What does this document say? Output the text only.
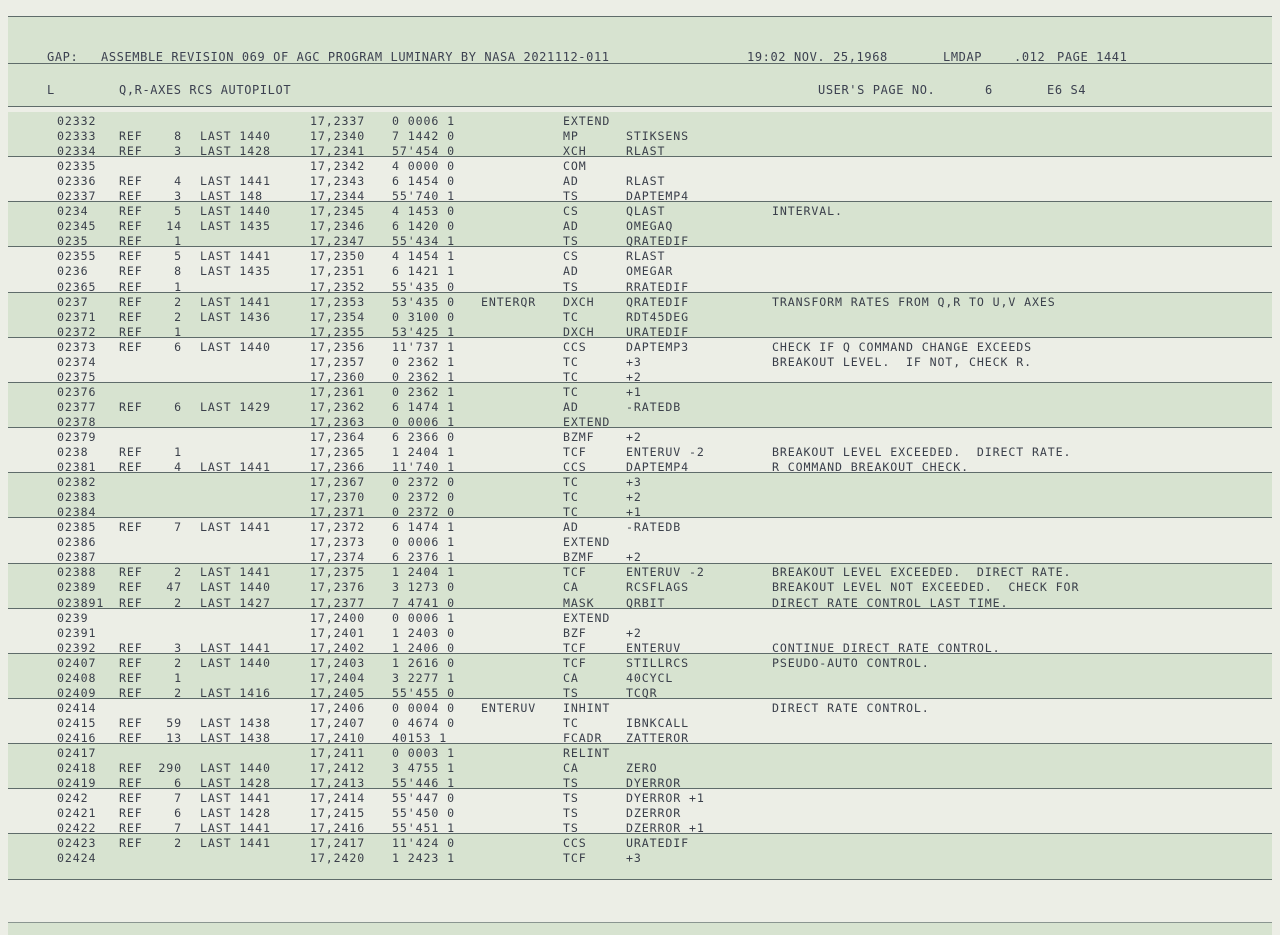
GAP:

ASSEMBLE REVISION 069 OF AGC PROGRAM LUMINARY BY NASA 2021112-011

	19:02 NOV. 25,1968

	LMDAP

	.012

PAGE 1441

L

	Q,R-AXES RCS AUTOPILOT

	USER'S PAGE NO.

	6

	E6 S4

02332	17,2337 0 0006 1	EXTEND
02333 REF	8 LAST 1440	17,2340 7 1442 0	MP	STIKSENS
02334 REF	3 LAST 1428	17,2341 57'454 0	XCH	RLAST
02335	17,2342 4 0000 0	COM
02336 REF	4 LAST 1441	17,2343 6 1454 0	AD	RLAST
02337 REF	3 LAST 148	17,2344 55'740 1	TS	DAPTEMP4
0234	REF	5 LAST 1440	17,2345 4 1453 0	CS	QLAST	INTERVAL.
02345 REF	14 LAST 1435	17,2346 6 1420 0	AD	OMEGAQ
0235	REF	1	17,2347 55'434 1	TS	QRATEDIF
02355 REF	5 LAST 1441	17,2350 4 1454 1	CS	RLAST
0236	REF	8 LAST 1435	17,2351 6 1421 1	AD	OMEGAR
02365 REF	1	17,2352 55'435 0	TS	RRATEDIF
0237	REF	2 LAST 1441	17,2353 53'435 0 ENTERQR DXCH	QRATEDIF	TRANSFORM RATES FROM Q,R TO U,V AXES
02371 REF	2 LAST 1436	17,2354 0 3100 0	TC	RDT45DEG
02372 REF	1	17,2355 53'425 1	DXCH	URATEDIF
02373 REF	6 LAST 1440	17,2356 11'737 1	CCS	DAPTEMP3	CHECK IF Q COMMAND CHANGE EXCEEDS
02374	17,2357 0 2362 1	TC	+3	BREAKOUT LEVEL.  IF NOT, CHECK R.
02375	17,2360 0 2362 1	TC	+2
02376	17,2361 0 2362 1	TC	+1
02377 REF	6 LAST 1429	17,2362 6 1474 1	AD	-RATEDB
02378	17,2363 0 0006 1	EXTEND
02379	17,2364 6 2366 0	BZMF	+2
0238	REF	1	17,2365 1 2404 1	TCF	ENTERUV -2	BREAKOUT LEVEL EXCEEDED.  DIRECT RATE.
02381 REF	4 LAST 1441	17,2366 11'740 1	CCS	DAPTEMP4	R COMMAND BREAKOUT CHECK.
02382	17,2367 0 2372 0	TC	+3
02383	17,2370 0 2372 0	TC	+2
02384	17,2371 0 2372 0	TC	+1
02385 REF	7 LAST 1441	17,2372 6 1474 1	AD	-RATEDB
02386	17,2373 0 0006 1	EXTEND
02387	17,2374 6 2376 1	BZMF	+2
02388 REF	2 LAST 1441	17,2375 1 2404 1	TCF	ENTERUV -2	BREAKOUT LEVEL EXCEEDED.  DIRECT RATE.
02389 REF	47 LAST 1440	17,2376 3 1273 0	CA	RCSFLAGS	BREAKOUT LEVEL NOT EXCEEDED.  CHECK FOR
023891 REF	2 LAST 1427	17,2377 7 4741 0	MASK	QRBIT	DIRECT RATE CONTROL LAST TIME.
0239	17,2400 0 0006 1	EXTEND
02391	17,2401 1 2403 0	BZF	+2
02392 REF	3 LAST 1441	17,2402 1 2406 0	TCF	ENTERUV	CONTINUE DIRECT RATE CONTROL.
02407 REF	2 LAST 1440	17,2403 1 2616 0	TCF	STILLRCS	PSEUDO-AUTO CONTROL.
02408 REF	1	17,2404 3 2277 1	CA	40CYCL
02409 REF	2 LAST 1416	17,2405 55'455 0	TS	TCQR
02414	17,2406 0 0004 0 ENTERUV INHINT	DIRECT RATE CONTROL.
02415 REF	59 LAST 1438	17,2407 0 4674 0	TC	IBNKCALL
02416 REF	13 LAST 1438	17,2410 40153 1	FCADR ZATTEROR
02417	17,2411 0 0003 1	RELINT
02418 REF	290 LAST 1440	17,2412 3 4755 1	CA	ZERO
02419 REF	6 LAST 1428	17,2413 55'446 1	TS	DYERROR
0242	REF	7 LAST 1441	17,2414 55'447 0	TS	DYERROR +1
02421 REF	6 LAST 1428	17,2415 55'450 0	TS	DZERROR
02422 REF	7 LAST 1441	17,2416 55'451 1	TS	DZERROR +1
02423 REF	2 LAST 1441	17,2417 11'424 0	CCS	URATEDIF
02424	17,2420 1 2423 1	TCF	+3
